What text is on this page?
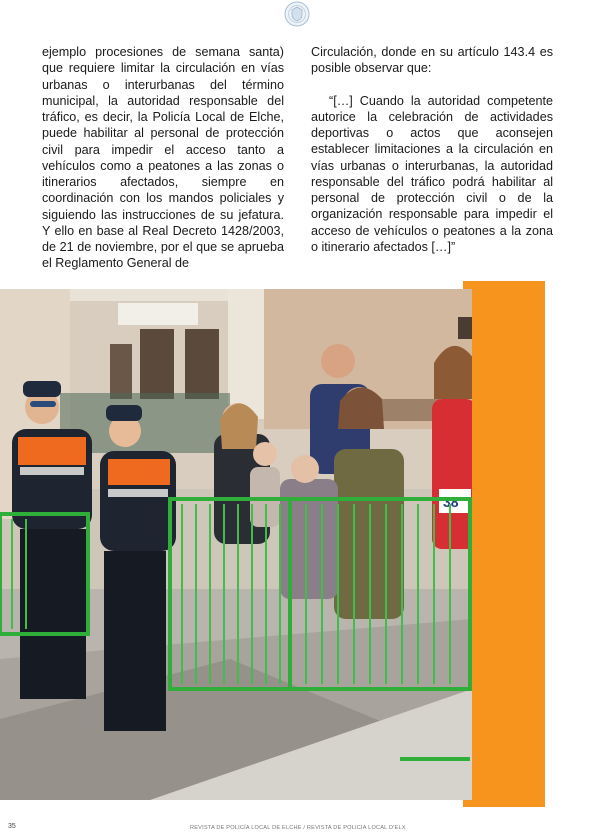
ejemplo procesiones de semana santa) que requiere limitar la circulación en vías urbanas o interurbanas del término municipal, la autoridad responsable del tráfico, es decir, la Policía Local de Elche, puede habilitar al personal de protección civil para impedir el acceso tanto a vehículos como a peatones a las zonas o itinerarios afectados, siempre en coordinación con los mandos policiales y siguiendo las instrucciones de su jefatura. Y ello en base al Real Decreto 1428/2003, de 21 de noviembre, por el que se aprueba el Reglamento General de

Circulación, donde en su artículo 143.4 es posible observar que:

“[…] Cuando la autoridad competente autorice la celebración de actividades deportivas o actos que aconsejen establecer limitaciones a la circulación en vías urbanas o interurbanas, la autoridad responsable del tráfico podrá habilitar al personal de protección civil o de la organización responsable para impedir el acceso de vehículos o peatones a la zona o itinerario afectados […]”

38
35	REVISTA DE POLICÍA LOCAL DE ELCHE / REVISTA DE POLICIA LOCAL D'ELX
